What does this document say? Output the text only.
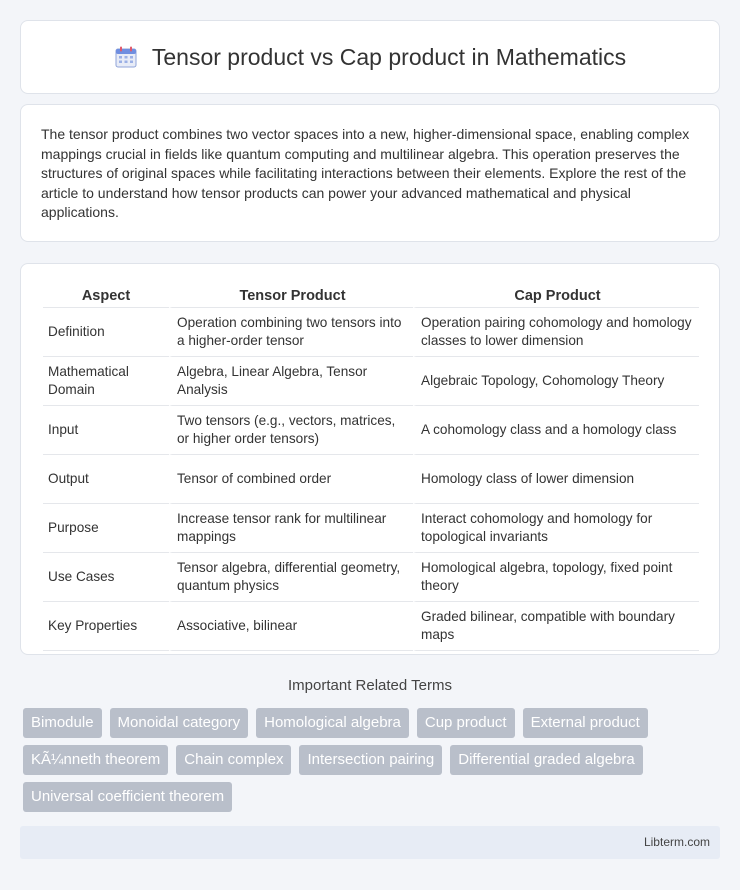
Tensor product vs Cap product in Mathematics

The tensor product combines two vector spaces into a new, higher-dimensional space, enabling complex mappings crucial in fields like quantum computing and multilinear algebra. This operation preserves the structures of original spaces while facilitating interactions between their elements. Explore the rest of the article to understand how tensor products can power your advanced mathematical and physical applications.

Aspect	Tensor Product	Cap Product
Definition	Operation combining two tensors into a higher-order tensor	Operation pairing cohomology and homology classes to lower dimension
Mathematical Domain	Algebra, Linear Algebra, Tensor Analysis	Algebraic Topology, Cohomology Theory
Input	Two tensors (e.g., vectors, matrices, or higher order tensors)	A cohomology class and a homology class
Output	Tensor of combined order	Homology class of lower dimension
Purpose	Increase tensor rank for multilinear mappings	Interact cohomology and homology for topological invariants
Use Cases	Tensor algebra, differential geometry, quantum physics	Homological algebra, topology, fixed point theory
Key Properties	Associative, bilinear	Graded bilinear, compatible with boundary maps
Important Related Terms
Bimodule	Monoidal category	Homological algebra	Cup product	External product
KÃ¼nneth theorem	Chain complex	Intersection pairing	Differential graded algebra
Universal coefficient theorem
Libterm.com
